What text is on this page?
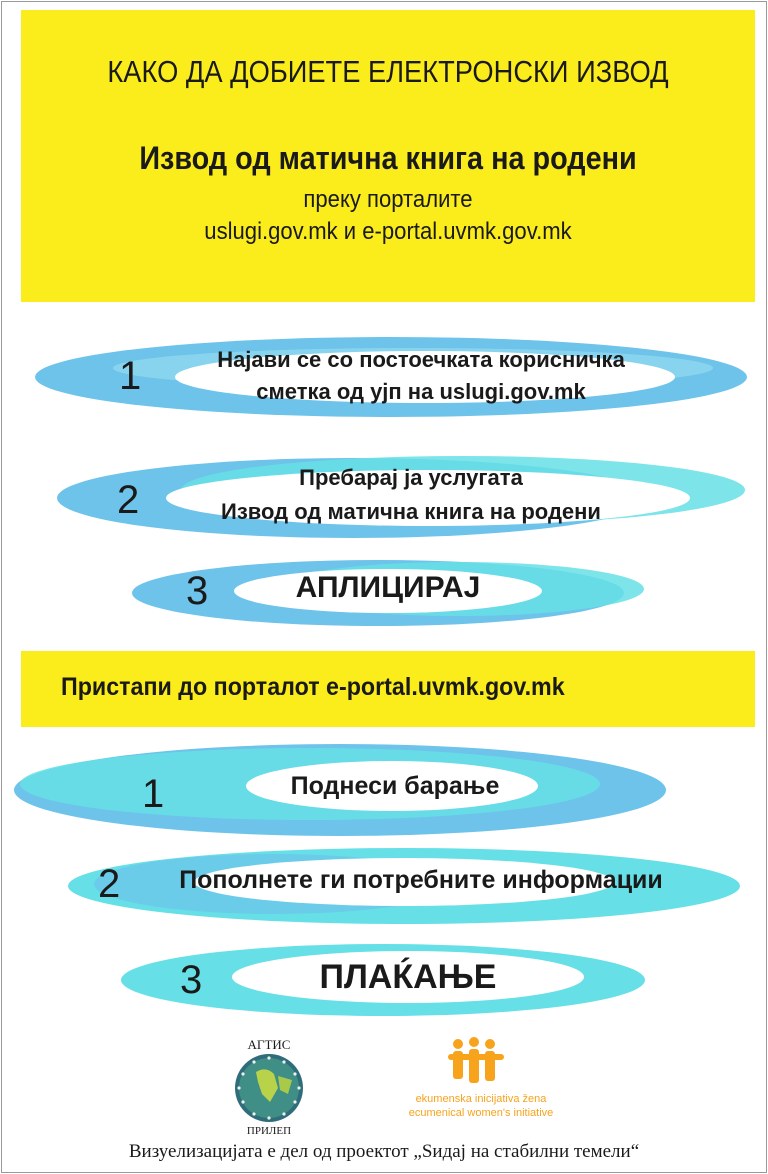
КАКО ДА ДОБИЕТЕ ЕЛЕКТРОНСКИ ИЗВОД
Извод од матична книга на родени
преку порталите
uslugi.gov.mk и e-portal.uvmk.gov.mk
1	Најави се со постоечката корисничка
сметка од ујп на uslugi.gov.mk
2
Пребарај ја услугата
Извод од матична книга на родени
3	АПЛИЦИРАЈ
Пристапи до порталот e-portal.uvmk.gov.mk
1	Поднеси барање
2	Пополнете ги потребните информации
3	ПЛАЌАЊЕ
АГТИС
ПРИЛЕП
ekumenska inicijativa žena
ecumenical women's initiative
Визуелизацијата е дел од проектот „Ѕидај на стабилни темели“
